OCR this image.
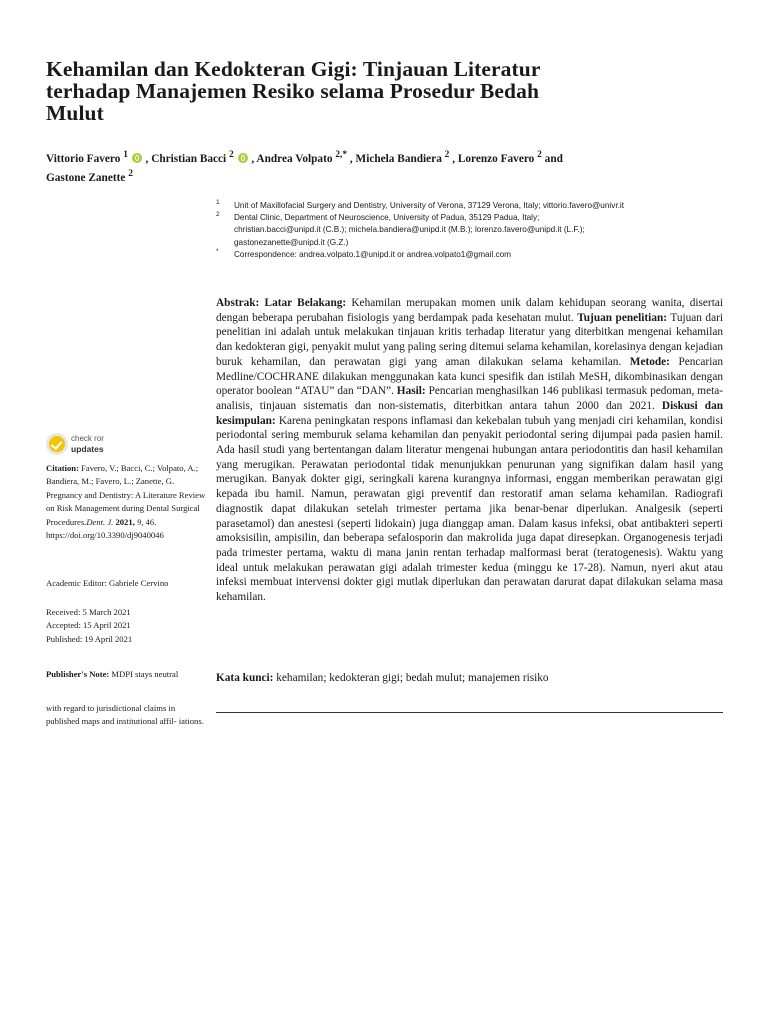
Kehamilan dan Kedokteran Gigi: Tinjauan Literatur
terhadap Manajemen Resiko selama Prosedur Bedah
Mulut
Vittorio Favero $^1$ , Christian Bacci $^2$ , Andrea Volpato $^{2,*}$ , Michela Bandiera $^2$ , Lorenzo Favero $^2$ and
Gastone Zanette $^2$
1 Unit of Maxillofacial Surgery and Dentistry, University of Verona, 37129 Verona, Italy; vittorio.favero@univr.it
2 Dental Clinic, Department of Neuroscience, University of Padua, 35129 Padua, Italy;
christian.bacci@unipd.it (C.B.); michela.bandiera@unipd.it (M.B.); lorenzo.favero@unipd.it (L.F.);
gastonezanette@unipd.it (G.Z.)
* Correspondence: andrea.volpato.1@unipd.it or andrea.volpato1@gmail.com
Abstrak: Latar Belakang: Kehamilan merupakan momen unik dalam kehidupan seorang wanita, disertai dengan beberapa perubahan fisiologis yang berdampak pada kesehatan mulut. Tujuan penelitian: Tujuan dari penelitian ini adalah untuk melakukan tinjauan kritis terhadap literatur yang diterbitkan mengenai kehamilan dan kedokteran gigi, penyakit mulut yang paling sering ditemui selama kehamilan, korelasinya dengan kejadian buruk kehamilan, dan perawatan gigi yang aman dilakukan selama kehamilan. Metode: Pencarian Medline/COCHRANE dilakukan menggunakan kata kunci spesifik dan istilah MeSH, dikombinasikan dengan operator boolean “ATAU” dan “DAN”. Hasil: Pencarian menghasilkan 146 publikasi termasuk pedoman, meta-analisis, tinjauan sistematis dan non-sistematis, diterbitkan antara tahun 2000 dan 2021. Diskusi dan kesimpulan: Karena peningkatan respons inflamasi dan kekebalan tubuh yang menjadi ciri kehamilan, kondisi periodontal sering memburuk selama kehamilan dan penyakit periodontal sering dijumpai pada pasien hamil. Ada hasil studi yang bertentangan dalam literatur mengenai hubungan antara periodontitis dan hasil kehamilan yang merugikan. Perawatan periodontal tidak menunjukkan penurunan yang signifikan dalam hasil yang merugikan. Banyak dokter gigi, seringkali karena kurangnya informasi, enggan memberikan perawatan gigi kepada ibu hamil. Namun, perawatan gigi preventif dan restoratif aman selama kehamilan. Radiografi diagnostik dapat dilakukan setelah trimester pertama jika benar-benar diperlukan. Analgesik (seperti parasetamol) dan anestesi (seperti lidokain) juga dianggap aman. Dalam kasus infeksi, obat antibakteri seperti amoksisilin, ampisilin, dan beberapa sefalosporin dan makrolida juga dapat diresepkan. Organogenesis terjadi pada trimester pertama, waktu di mana janin rentan terhadap malformasi berat (teratogenesis). Waktu yang ideal untuk melakukan perawatan gigi adalah trimester kedua (minggu ke 17-28). Namun, nyeri akut atau infeksi membuat intervensi dokter gigi mutlak diperlukan dan perawatan darurat dapat dilakukan selama masa kehamilan.
Kata kunci: kehamilan; kedokteran gigi; bedah mulut; manajemen risiko
check ror
updates
Citation: Favero, V.; Bacci, C.; Volpato, A.; Bandiera, M.; Favero, L.; Zanette, G. Pregnancy and Dentistry: A Literature Review on Risk Management during Dental Surgical Procedures.Dent. J. 2021, 9, 46. https://doi.org/10.3390/dj9040046
Academic Editor: Gabriele Cervino
Received: 5 March 2021
Accepted: 15 April 2021
Published: 19 April 2021
Publisher's Note: MDPI stays neutral
with regard to jurisdictional claims in published maps and institutional affil- iations.
